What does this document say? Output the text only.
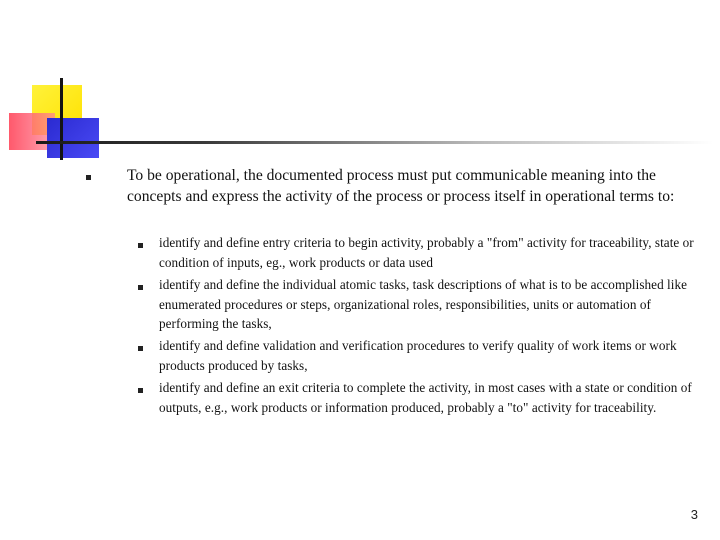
To be operational, the documented process must put communicable meaning into the concepts and express the activity of the process or process itself in operational terms to:
identify and define entry criteria to begin activity, probably a "from" activity for traceability, state or condition of inputs, eg., work products or data used
identify and define the individual atomic tasks, task descriptions of what is to be accomplished like enumerated procedures or steps, organizational roles, responsibilities, units or automation of performing the tasks,
identify and define validation and verification procedures to verify quality of work items or work products produced by tasks,
identify and define an exit criteria to complete the activity, in most cases with a state or condition of outputs, e.g., work products or information produced, probably a "to" activity for traceability.
3
